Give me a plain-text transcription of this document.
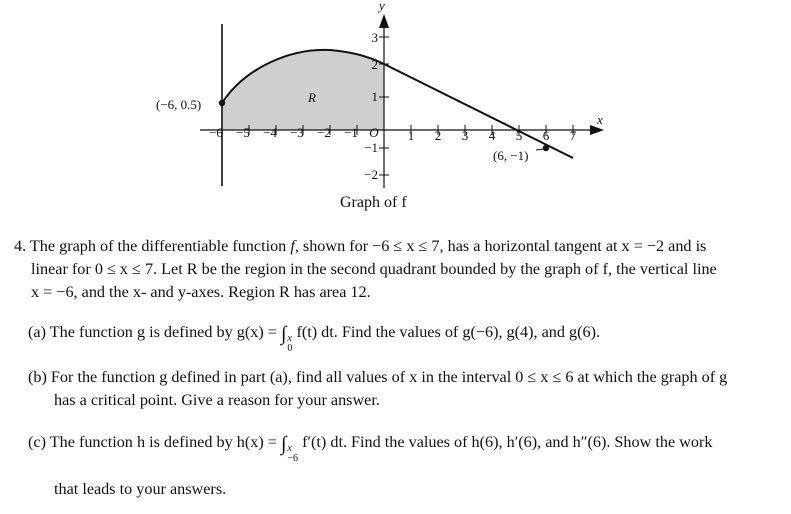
y
x
R
−6 −5 −4 −3 −2 −1 O 1 2 3 4 5 6 7
3
2
1
−1
−2
(−6, 0.5)
(6, −1)
Graph of f
4. The graph of the differentiable function f, shown for −6 ≤ x ≤ 7, has a horizontal tangent at x = −2 and is
linear for 0 ≤ x ≤ 7. Let R be the region in the second quadrant bounded by the graph of f, the vertical line
x = −6, and the x- and y-axes. Region R has area 12.
(a) The function g is defined by g(x) = ∫ x
0
f(t) dt. Find the values of g(−6), g(4), and g(6).
(b) For the function g defined in part (a), find all values of x in the interval 0 ≤ x ≤ 6 at which the graph of g
has a critical point. Give a reason for your answer.
(c) The function h is defined by h(x) = ∫ x
−6
f′(t) dt. Find the values of h(6), h′(6), and h″(6). Show the work
that leads to your answers.
